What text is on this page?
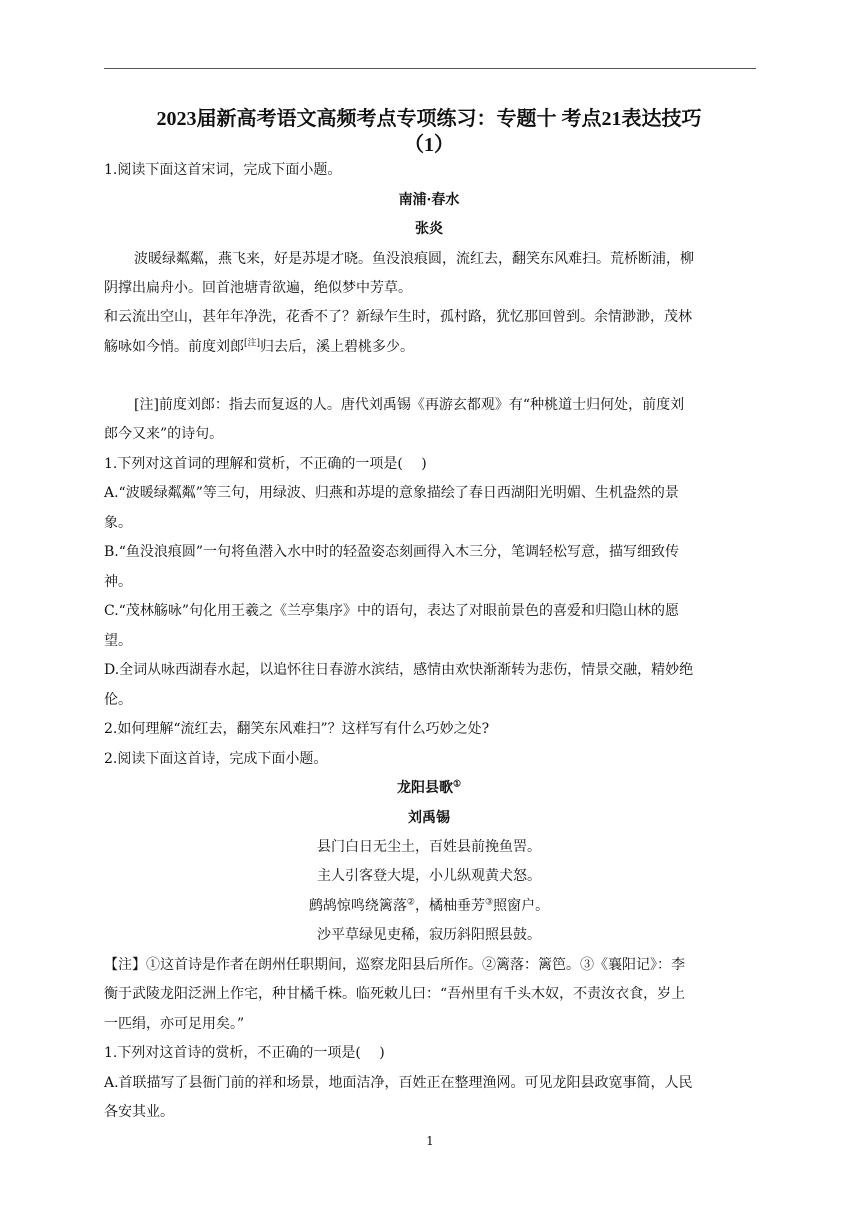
2023届新高考语文高频考点专项练习：专题十 考点21表达技巧
（1）
1.阅读下面这首宋词，完成下面小题。
南浦·春水
张炎
波暖绿粼粼，燕飞来，好是苏堤才晓。鱼没浪痕圆，流红去，翻笑东风难扫。荒桥断浦，柳
阴撑出扁舟小。回首池塘青欲遍，绝似梦中芳草。
和云流出空山，甚年年净洗，花香不了？新绿乍生时，孤村路，犹忆那回曾到。余情渺渺，茂林
觞咏如今悄。前度刘郎[注]归去后，溪上碧桃多少。
[注]前度刘郎：指去而复返的人。唐代刘禹锡《再游玄都观》有“种桃道士归何处，前度刘
郎今又来”的诗句。
1.下列对这首词的理解和赏析，不正确的一项是(　 )
A.“波暖绿粼粼”等三句，用绿波、归燕和苏堤的意象描绘了春日西湖阳光明媚、生机盎然的景
象。
B.“鱼没浪痕圆”一句将鱼潜入水中时的轻盈姿态刻画得入木三分，笔调轻松写意，描写细致传
神。
C.“茂林觞咏”句化用王羲之《兰亭集序》中的语句，表达了对眼前景色的喜爱和归隐山林的愿
望。
D.全词从咏西湖春水起，以追怀往日春游水滨结，感情由欢快渐渐转为悲伤，情景交融，精妙绝
伦。
2.如何理解“流红去，翻笑东风难扫”？这样写有什么巧妙之处?
2.阅读下面这首诗，完成下面小题。
龙阳县歌①
刘禹锡
县门白日无尘土，百姓县前挽鱼罟。
主人引客登大堤，小儿纵观黄犬怒。
鹧鸪惊鸣绕篱落②，橘柚垂芳③照窗户。
沙平草绿见吏稀，寂历斜阳照县鼓。
【注】①这首诗是作者在朗州任职期间，巡察龙阳县后所作。②篱落：篱笆。③《襄阳记》：李
衡于武陵龙阳泛洲上作宅，种甘橘千株。临死敕儿曰：“吾州里有千头木奴，不责汝衣食，岁上
一匹绢，亦可足用矣。”
1.下列对这首诗的赏析，不正确的一项是(　 )
A.首联描写了县衙门前的祥和场景，地面洁净，百姓正在整理渔网。可见龙阳县政宽事简，人民
各安其业。
1
